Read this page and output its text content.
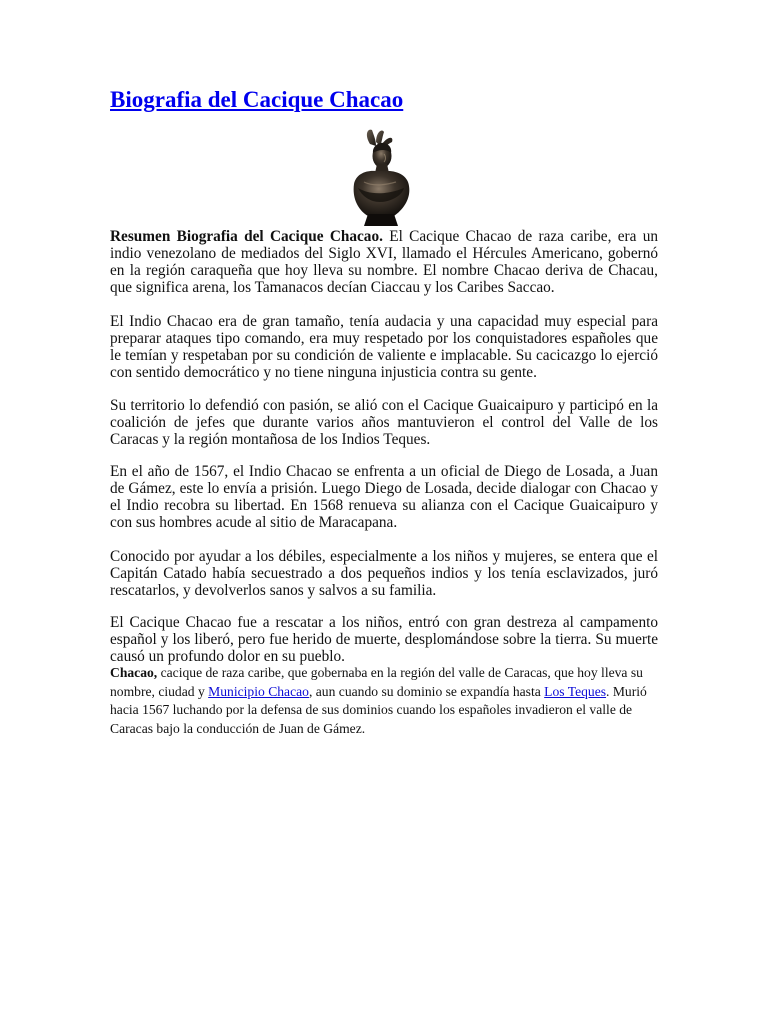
Biografia del Cacique Chacao

Resumen Biografia del Cacique Chacao. El Cacique Chacao de raza caribe, era un indio venezolano de mediados del Siglo XVI, llamado el Hércules Americano, gobernó en la región caraqueña que hoy lleva su nombre. El nombre Chacao deriva de Chacau, que significa arena, los Tamanacos decían Ciaccau y los Caribes Saccao.

El Indio Chacao era de gran tamaño, tenía audacia y una capacidad muy especial para preparar ataques tipo comando, era muy respetado por los conquistadores españoles que le temían y respetaban por su condición de valiente e implacable. Su cacicazgo lo ejerció con sentido democrático y no tiene ninguna injusticia contra su gente.

Su territorio lo defendió con pasión, se alió con el Cacique Guaicaipuro y participó en la coalición de jefes que durante varios años mantuvieron el control del Valle de los Caracas y la región montañosa de los Indios Teques.

En el año de 1567, el Indio Chacao se enfrenta a un oficial de Diego de Losada, a Juan de Gámez, este lo envía a prisión. Luego Diego de Losada, decide dialogar con Chacao y el Indio recobra su libertad. En 1568 renueva su alianza con el Cacique Guaicaipuro y con sus hombres acude al sitio de Maracapana.

Conocido por ayudar a los débiles, especialmente a los niños y mujeres, se entera que el Capitán Catado había secuestrado a dos pequeños indios y los tenía esclavizados, juró rescatarlos, y devolverlos sanos y salvos a su familia.

El Cacique Chacao fue a rescatar a los niños, entró con gran destreza al campamento español y los liberó, pero fue herido de muerte, desplomándose sobre la tierra. Su muerte causó un profundo dolor en su pueblo.

Chacao, cacique de raza caribe, que gobernaba en la región del valle de Caracas, que hoy lleva su nombre, ciudad y Municipio Chacao, aun cuando su dominio se expandía hasta Los Teques. Murió hacia 1567 luchando por la defensa de sus dominios cuando los españoles invadieron el valle de Caracas bajo la conducción de Juan de Gámez.
